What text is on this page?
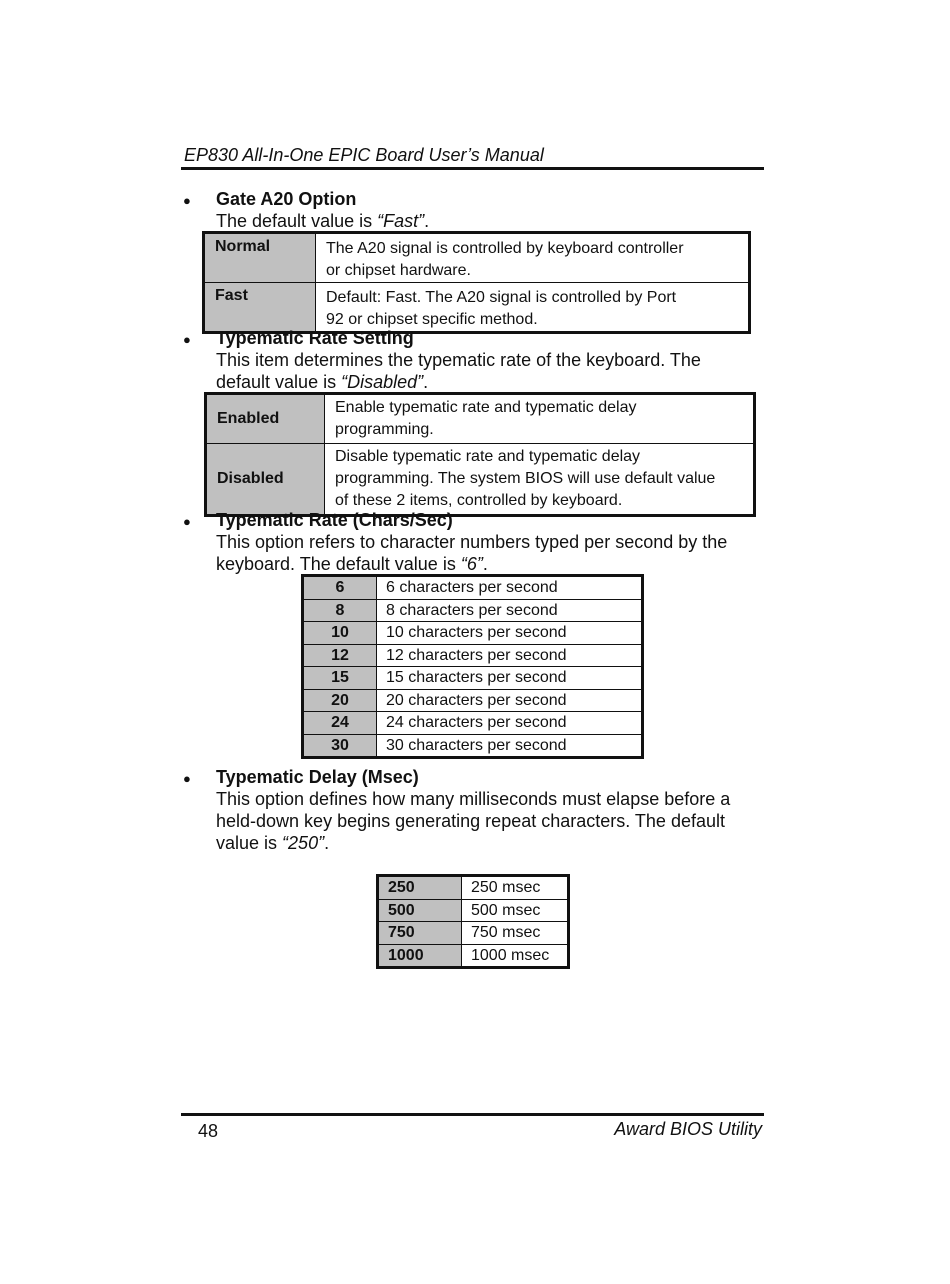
EP830 All-In-One EPIC Board User’s Manual
● Gate A20 Option
The default value is “Fast”.
Normal	The A20 signal is controlled by keyboard controller
or chipset hardware.

Fast	Default: Fast. The A20 signal is controlled by Port
92 or chipset specific method.
● Typematic Rate Setting
This item determines the typematic rate of the keyboard. The
default value is “Disabled”.
Enabled	Enable typematic rate and typematic delay
programming.

Disabled	Disable typematic rate and typematic delay
programming. The system BIOS will use default value
of these 2 items, controlled by keyboard.
● Typematic Rate (Chars/Sec)
This option refers to character numbers typed per second by the
keyboard. The default value is “6”.
6	6 characters per second
8	8 characters per second
10	10 characters per second
12	12 characters per second
15	15 characters per second
20	20 characters per second
24	24 characters per second
30	30 characters per second
● Typematic Delay (Msec)
This option defines how many milliseconds must elapse before a
held-down key begins generating repeat characters. The default
value is “250”.
250	250 msec
500	500 msec
750	750 msec
1000	1000 msec
48	Award BIOS Utility
